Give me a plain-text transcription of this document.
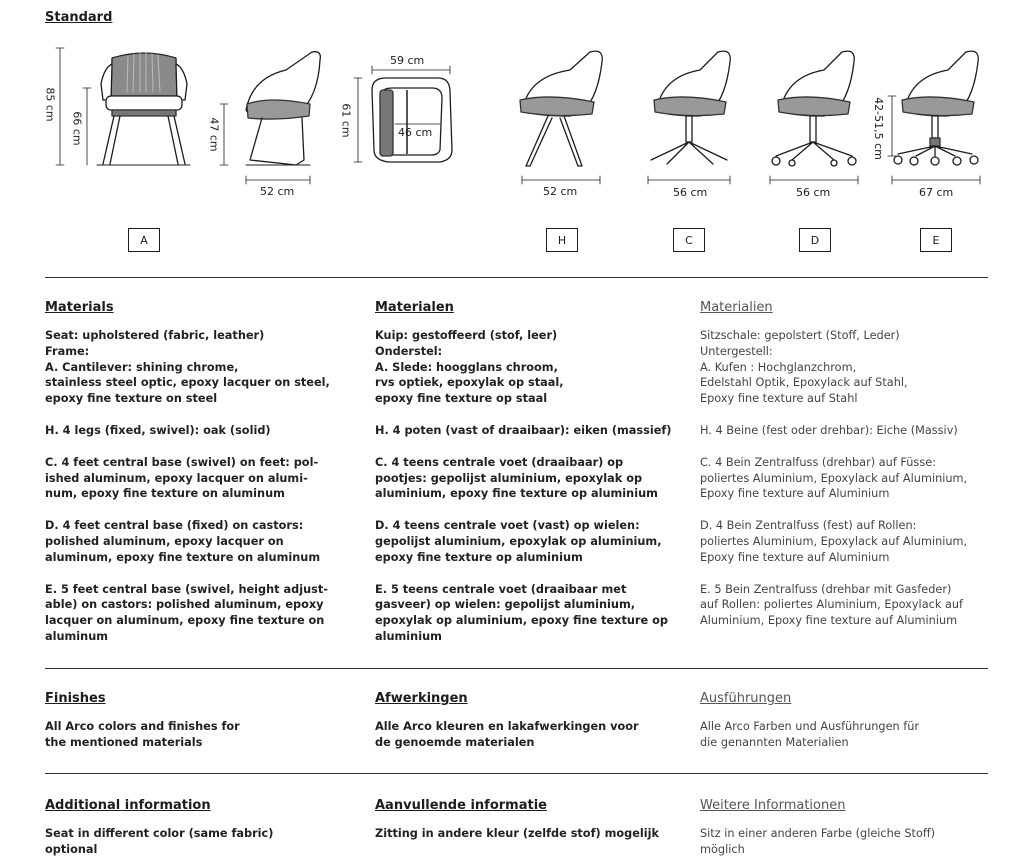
Standard
52 cm
59 cm
46 cm
52 cm	56 cm	56 cm	67 cm
85 cm
66 cm	47 cm	61 cm	42-51,5 cm
A	H	C	D	E
Materials
Seat: upholstered (fabric, leather)
Frame:
A. Cantilever: shining chrome,
stainless steel optic, epoxy lacquer on steel,
epoxy fine texture on steel
H. 4 legs (fixed, swivel): oak (solid)
C. 4 feet central base (swivel) on feet: pol-
ished aluminum, epoxy lacquer on alumi-
num, epoxy fine texture on aluminum
D. 4 feet central base (fixed) on castors:
polished aluminum, epoxy lacquer on
aluminum, epoxy fine texture on aluminum
E. 5 feet central base (swivel, height adjust-
able) on castors: polished aluminum, epoxy
lacquer on aluminum, epoxy fine texture on
aluminum
Materialen
Kuip: gestoffeerd (stof, leer)
Onderstel:
A. Slede: hoogglans chroom,
rvs optiek, epoxylak op staal,
epoxy fine texture op staal
H. 4 poten (vast of draaibaar): eiken (massief)
C. 4 teens centrale voet (draaibaar) op
pootjes: gepolijst aluminium, epoxylak op
aluminium, epoxy fine texture op aluminium
D. 4 teens centrale voet (vast) op wielen:
gepolijst aluminium, epoxylak op aluminium,
epoxy fine texture op aluminium
E. 5 teens centrale voet (draaibaar met
gasveer) op wielen: gepolijst aluminium,
epoxylak op aluminium, epoxy fine texture op
aluminium
Materialien
Sitzschale: gepolstert (Stoff, Leder)
Untergestell:
A. Kufen : Hochglanzchrom,
Edelstahl Optik, Epoxylack auf Stahl,
Epoxy fine texture auf Stahl
H. 4 Beine (fest oder drehbar): Eiche (Massiv)
C. 4 Bein Zentralfuss (drehbar) auf Füsse:
poliertes Aluminium, Epoxylack auf Aluminium,
Epoxy fine texture auf Aluminium
D. 4 Bein Zentralfuss (fest) auf Rollen:
poliertes Aluminium, Epoxylack auf Aluminium,
Epoxy fine texture auf Aluminium
E. 5 Bein Zentralfuss (drehbar mit Gasfeder)
auf Rollen: poliertes Aluminium, Epoxylack auf
Aluminium, Epoxy fine texture auf Aluminium
Finishes
All Arco colors and finishes for
the mentioned materials
Afwerkingen
Alle Arco kleuren en lakafwerkingen voor
de genoemde materialen
Ausführungen
Alle Arco Farben und Ausführungen für
die genannten Materialien
Additional information
Seat in different color (same fabric)
optional
Aanvullende informatie
Zitting in andere kleur (zelfde stof) mogelijk
Weitere Informationen
Sitz in einer anderen Farbe (gleiche Stoff)
möglich
